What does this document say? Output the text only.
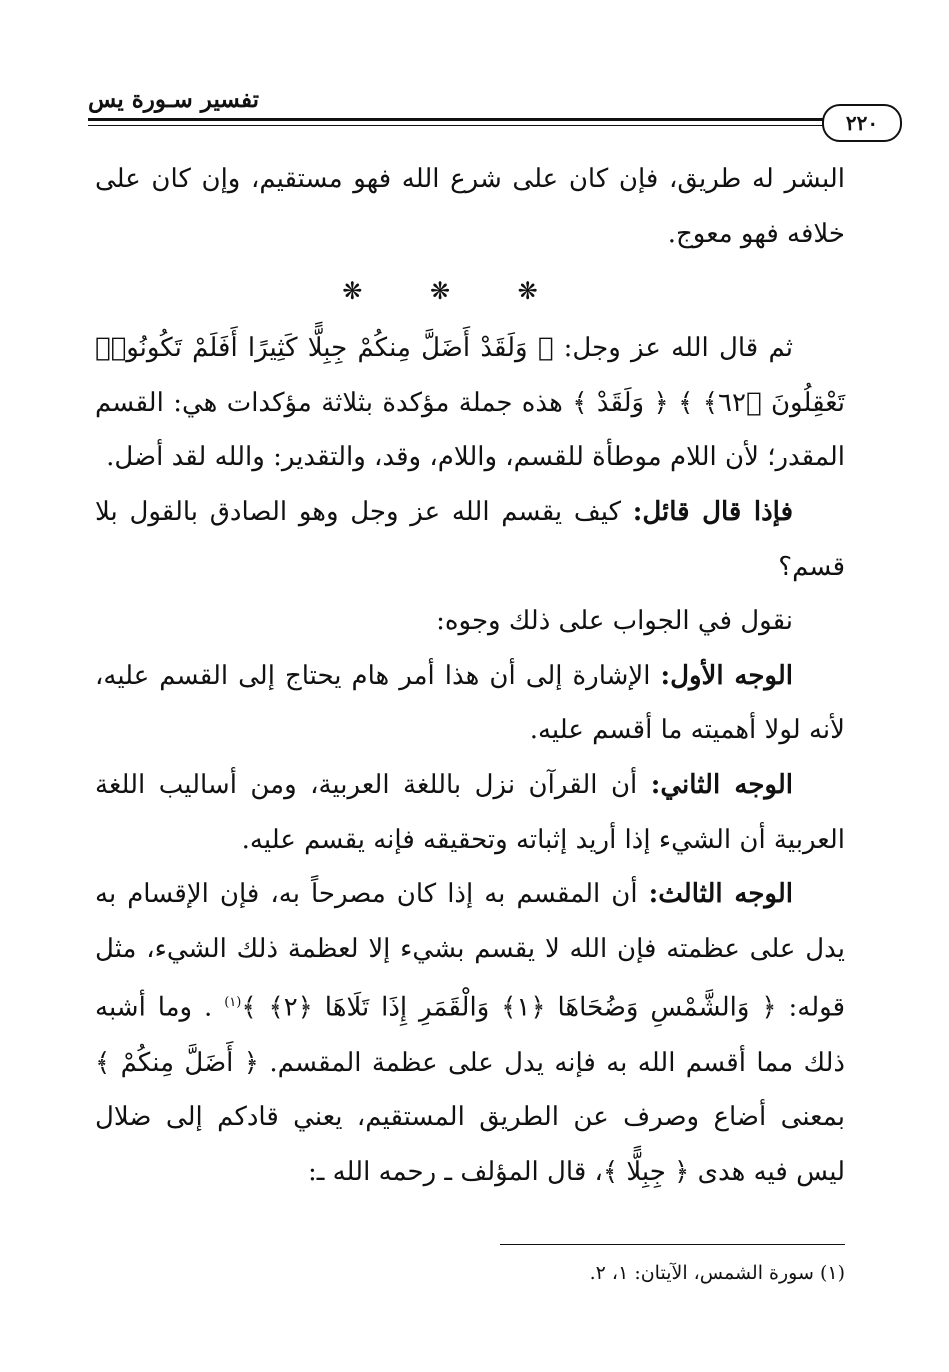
تفسير سـورة يس
٢٢٠

البشر له طريق، فإن كان على شرع الله فهو مستقيم، وإن كان على خلافه فهو معوج.

❋ ❋ ❋

ثم قال الله عز وجل: ﴿ وَلَقَدْ أَضَلَّ مِنكُمْ جِبِلًّا كَثِيرًا أَفَلَمْ تَكُونُوا۟ تَعْقِلُونَ ﴿٦٢﴾ ﴾ ﴿ وَلَقَدْ ﴾ هذه جملة مؤكدة بثلاثة مؤكدات هي: القسم المقدر؛ لأن اللام موطأة للقسم، واللام، وقد، والتقدير: والله لقد أضل.

فإذا قال قائل: كيف يقسم الله عز وجل وهو الصادق بالقول بلا قسم؟

نقول في الجواب على ذلك وجوه:

الوجه الأول: الإشارة إلى أن هذا أمر هام يحتاج إلى القسم عليه، لأنه لولا أهميته ما أقسم عليه.

الوجه الثاني: أن القرآن نزل باللغة العربية، ومن أساليب اللغة العربية أن الشيء إذا أريد إثباته وتحقيقه فإنه يقسم عليه.

الوجه الثالث: أن المقسم به إذا كان مصرحاً به، فإن الإقسام به يدل على عظمته فإن الله لا يقسم بشيء إلا لعظمة ذلك الشيء، مثل قوله: ﴿ وَالشَّمْسِ وَضُحَاهَا ﴿١﴾ وَالْقَمَرِ إِذَا تَلَاهَا ﴿٢﴾ ﴾$^{(١)}$ . وما أشبه ذلك مما أقسم الله به فإنه يدل على عظمة المقسم. ﴿ أَضَلَّ مِنكُمْ ﴾ بمعنى أضاع وصرف عن الطريق المستقيم، يعني قادكم إلى ضلال ليس فيه هدى ﴿ جِبِلًّا ﴾، قال المؤلف ـ رحمه الله ـ:

(١) سورة الشمس، الآيتان: ١، ٢.
